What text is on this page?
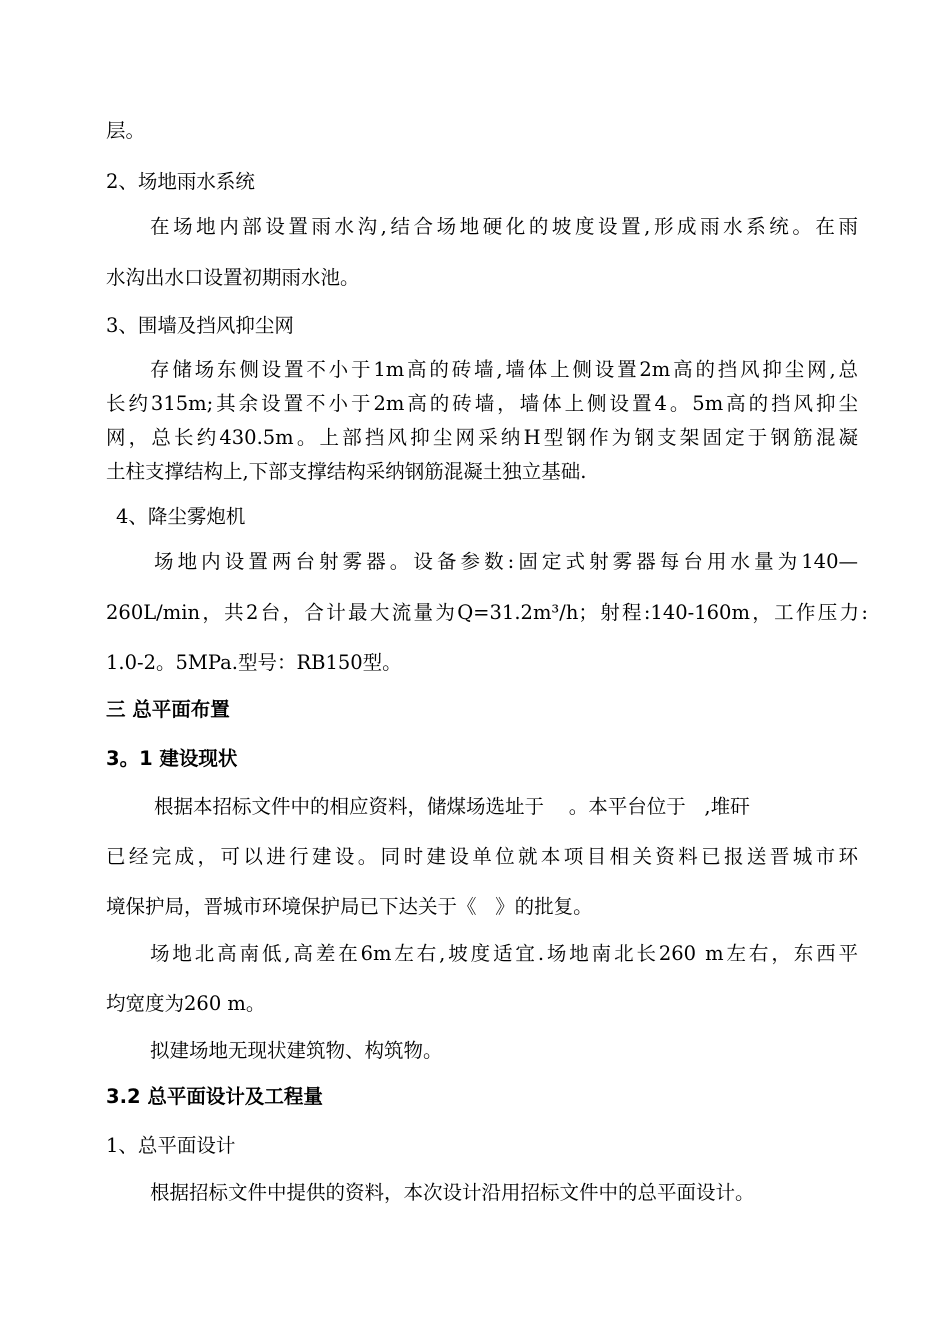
层。

2、场地雨水系统

在场地内部设置雨水沟,结合场地硬化的坡度设置,形成雨水系统。在雨

水沟出水口设置初期雨水池。

3、围墙及挡风抑尘网

存储场东侧设置不小于1m高的砖墙,墙体上侧设置2m高的挡风抑尘网,总

长约315m;其余设置不小于2m高的砖墙，墙体上侧设置4。5m高的挡风抑尘

网，总长约430.5m。上部挡风抑尘网采纳H型钢作为钢支架固定于钢筋混凝

土柱支撑结构上,下部支撑结构采纳钢筋混凝土独立基础.

4、降尘雾炮机

场地内设置两台射雾器。设备参数:固定式射雾器每台用水量为140—

260L/min，共2台，合计最大流量为Q=31.2m³/h；射程:140-160m，工作压力:

1.0-2。5MPa.型号：RB150型。

三 总平面布置

3。1 建设现状

根据本招标文件中的相应资料，储煤场选址于    。本平台位于   ,堆矸

已经完成，可以进行建设。同时建设单位就本项目相关资料已报送晋城市环

境保护局，晋城市环境保护局已下达关于《   》的批复。

场地北高南低,高差在6m左右,坡度适宜.场地南北长260 m左右，东西平

均宽度为260 m。

拟建场地无现状建筑物、构筑物。

3.2 总平面设计及工程量

1、总平面设计

根据招标文件中提供的资料，本次设计沿用招标文件中的总平面设计。
